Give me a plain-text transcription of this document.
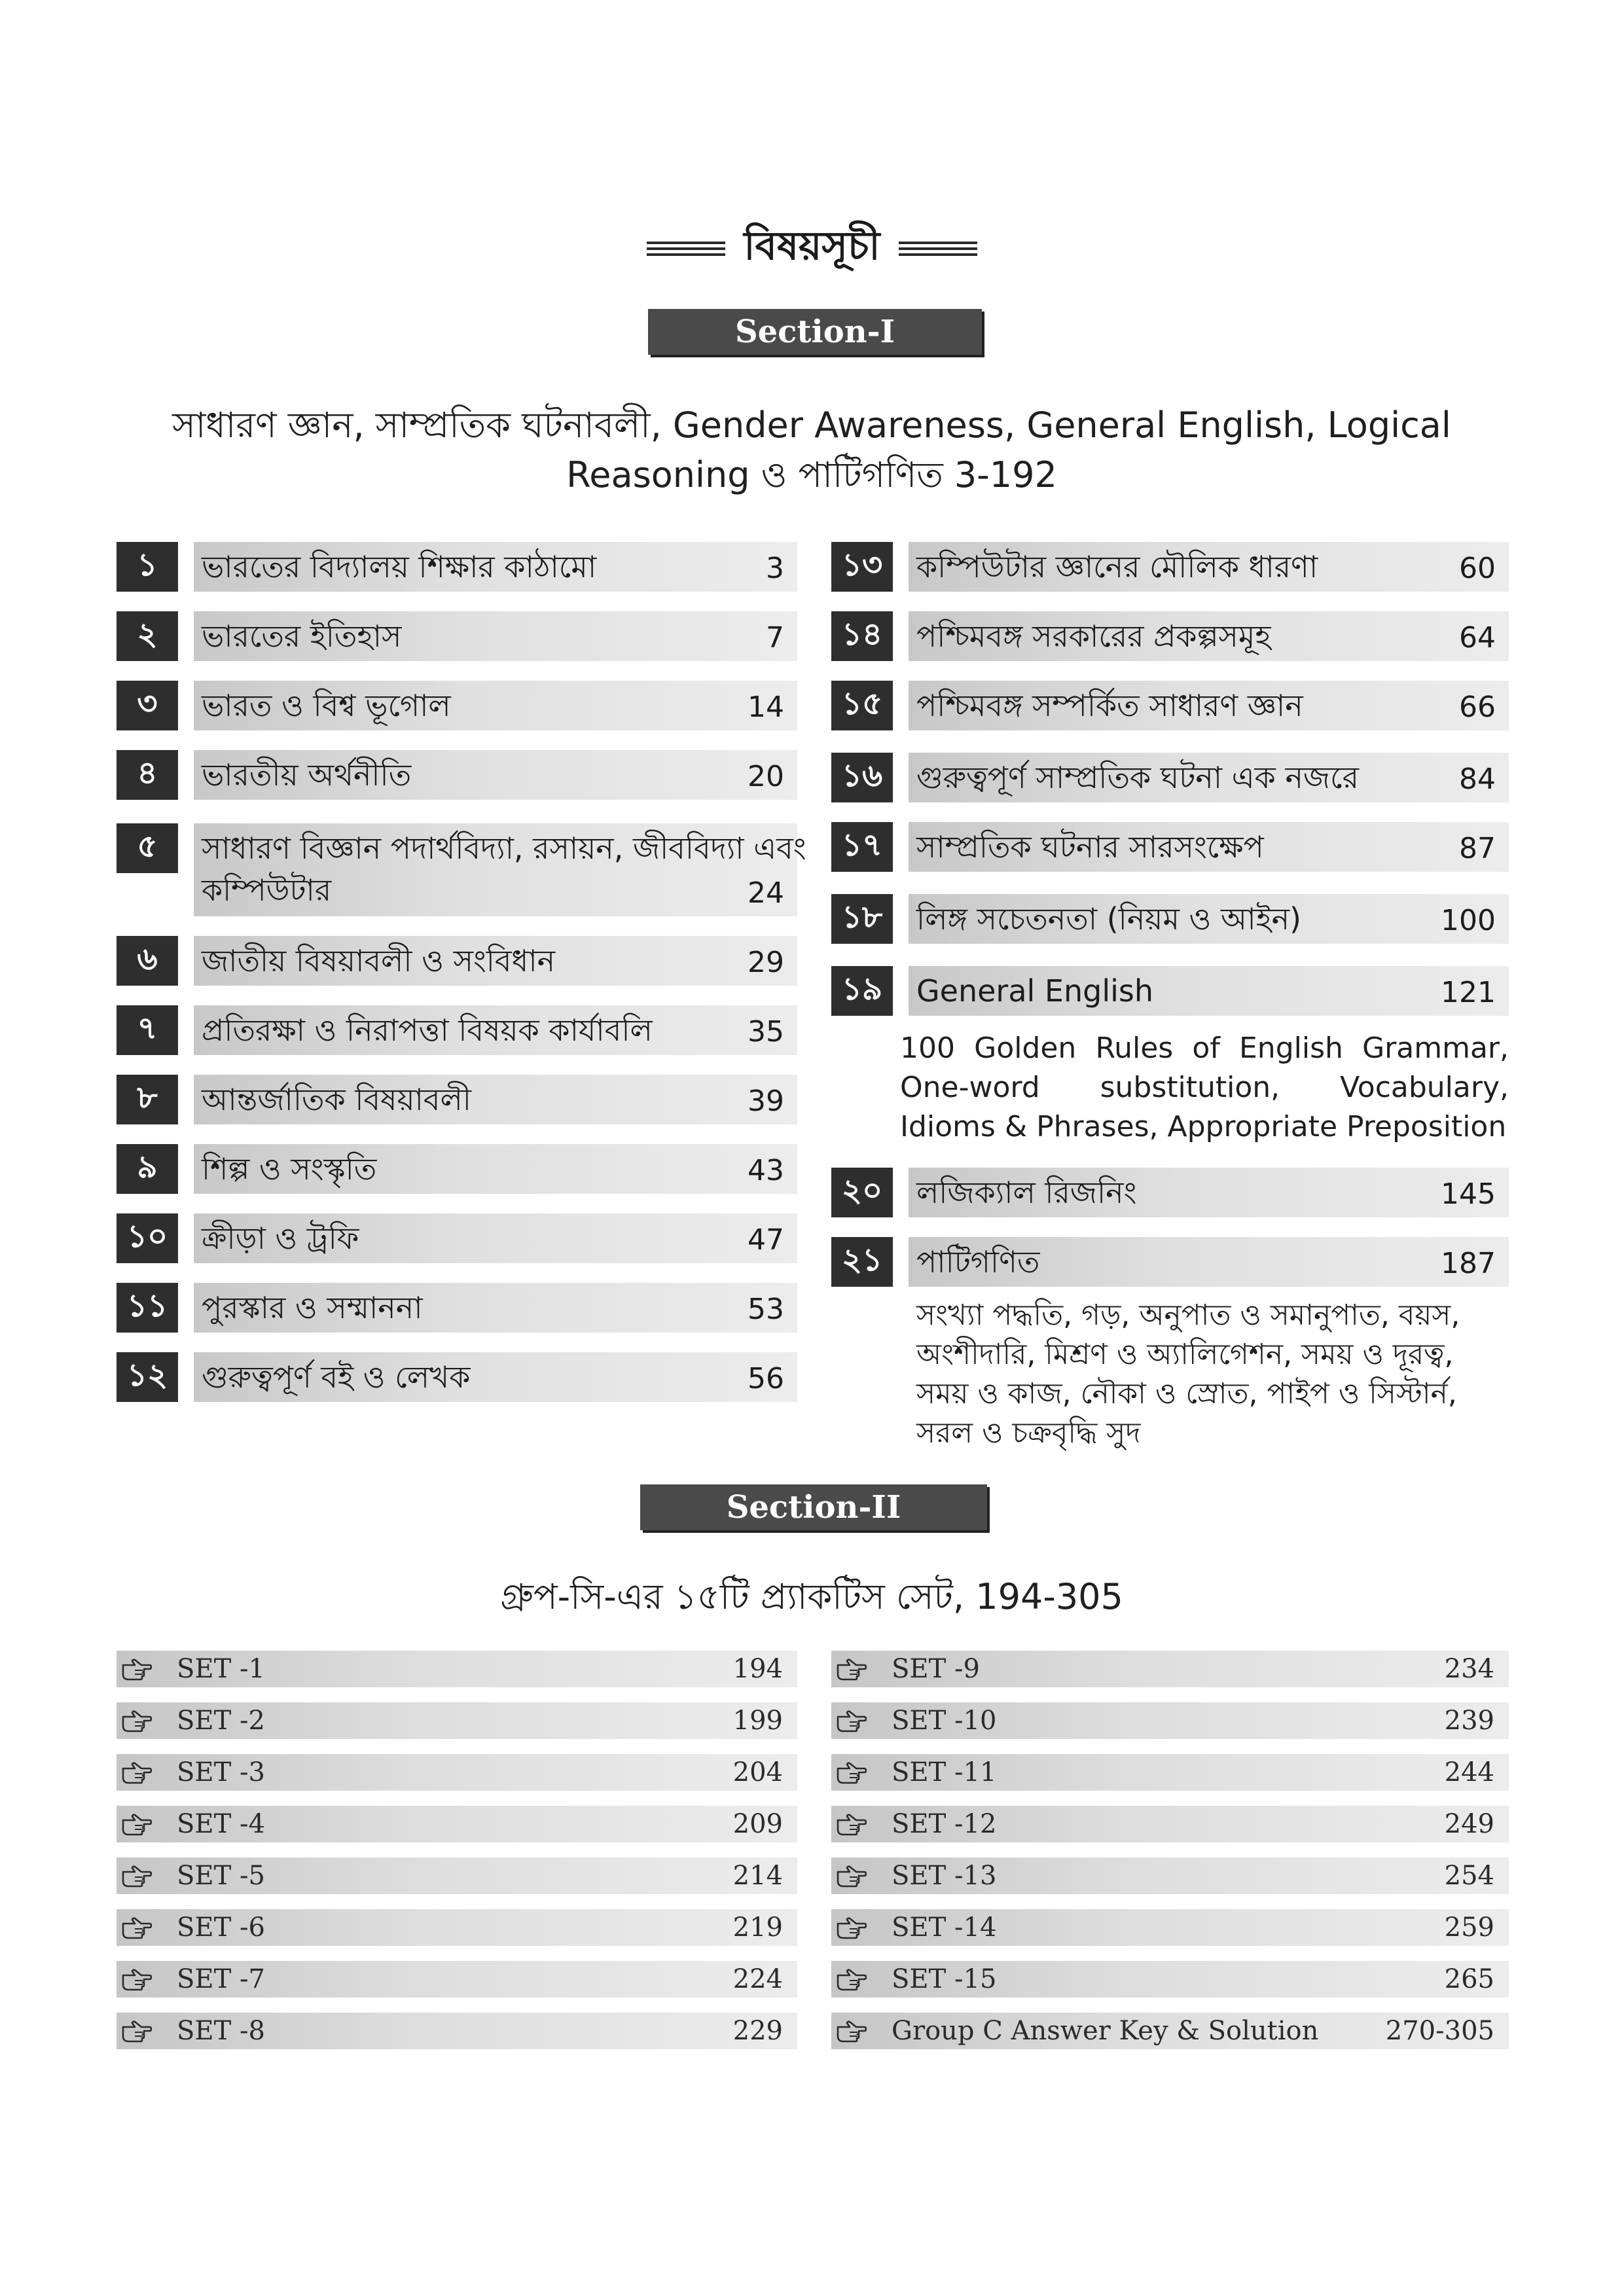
বিষয়সূচী
Section-I
সাধারণ জ্ঞান, সাম্প্রতিক ঘটনাবলী, Gender Awareness, General English, Logical
Reasoning ও পাটিগণিত 3-192
১	ভারতের বিদ্যালয় শিক্ষার কাঠামো	3
২	ভারতের ইতিহাস	7
৩	ভারত ও বিশ্ব ভূগোল	14
৪	ভারতীয় অর্থনীতি	20
৫	সাধারণ বিজ্ঞান পদার্থবিদ্যা, রসায়ন, জীববিদ্যা এবং কম্পিউটার	24
৬	জাতীয় বিষয়াবলী ও সংবিধান	29
৭	প্রতিরক্ষা ও নিরাপত্তা বিষয়ক কার্যাবলি	35
৮	আন্তর্জাতিক বিষয়াবলী	39
৯	শিল্প ও সংস্কৃতি	43
১০	ক্রীড়া ও ট্রফি	47
১১	পুরস্কার ও সম্মাননা	53
১২	গুরুত্বপূর্ণ বই ও লেখক	56
১৩	কম্পিউটার জ্ঞানের মৌলিক ধারণা	60
১৪	পশ্চিমবঙ্গ সরকারের প্রকল্পসমূহ	64
১৫	পশ্চিমবঙ্গ সম্পর্কিত সাধারণ জ্ঞান	66
১৬	গুরুত্বপূর্ণ সাম্প্রতিক ঘটনা এক নজরে	84
১৭	সাম্প্রতিক ঘটনার সারসংক্ষেপ	87
১৮	লিঙ্গ সচেতনতা (নিয়ম ও আইন)	100
১৯	General English	121
২০	লজিক্যাল রিজনিং	145
২১	পাটিগণিত	187
100 Golden Rules of English Grammar, One-word substitution, Vocabulary, Idioms & Phrases, Appropriate Preposition
সংখ্যা পদ্ধতি, গড়, অনুপাত ও সমানুপাত, বয়স, অংশীদারি, মিশ্রণ ও অ্যালিগেশন, সময় ও দূরত্ব, সময় ও কাজ, নৌকা ও স্রোত, পাইপ ও সিস্টার্ন, সরল ও চক্রবৃদ্ধি সুদ
Section-II
গ্রুপ-সি-এর ১৫টি প্র্যাকটিস সেট, 194-305
SET -1	194
SET -2	199
SET -3	204
SET -4	209
SET -5	214
SET -6	219
SET -7	224
SET -8	229
SET -9	234
SET -10	239
SET -11	244
SET -12	249
SET -13	254
SET -14	259
SET -15	265
Group C Answer Key & Solution	270-305
